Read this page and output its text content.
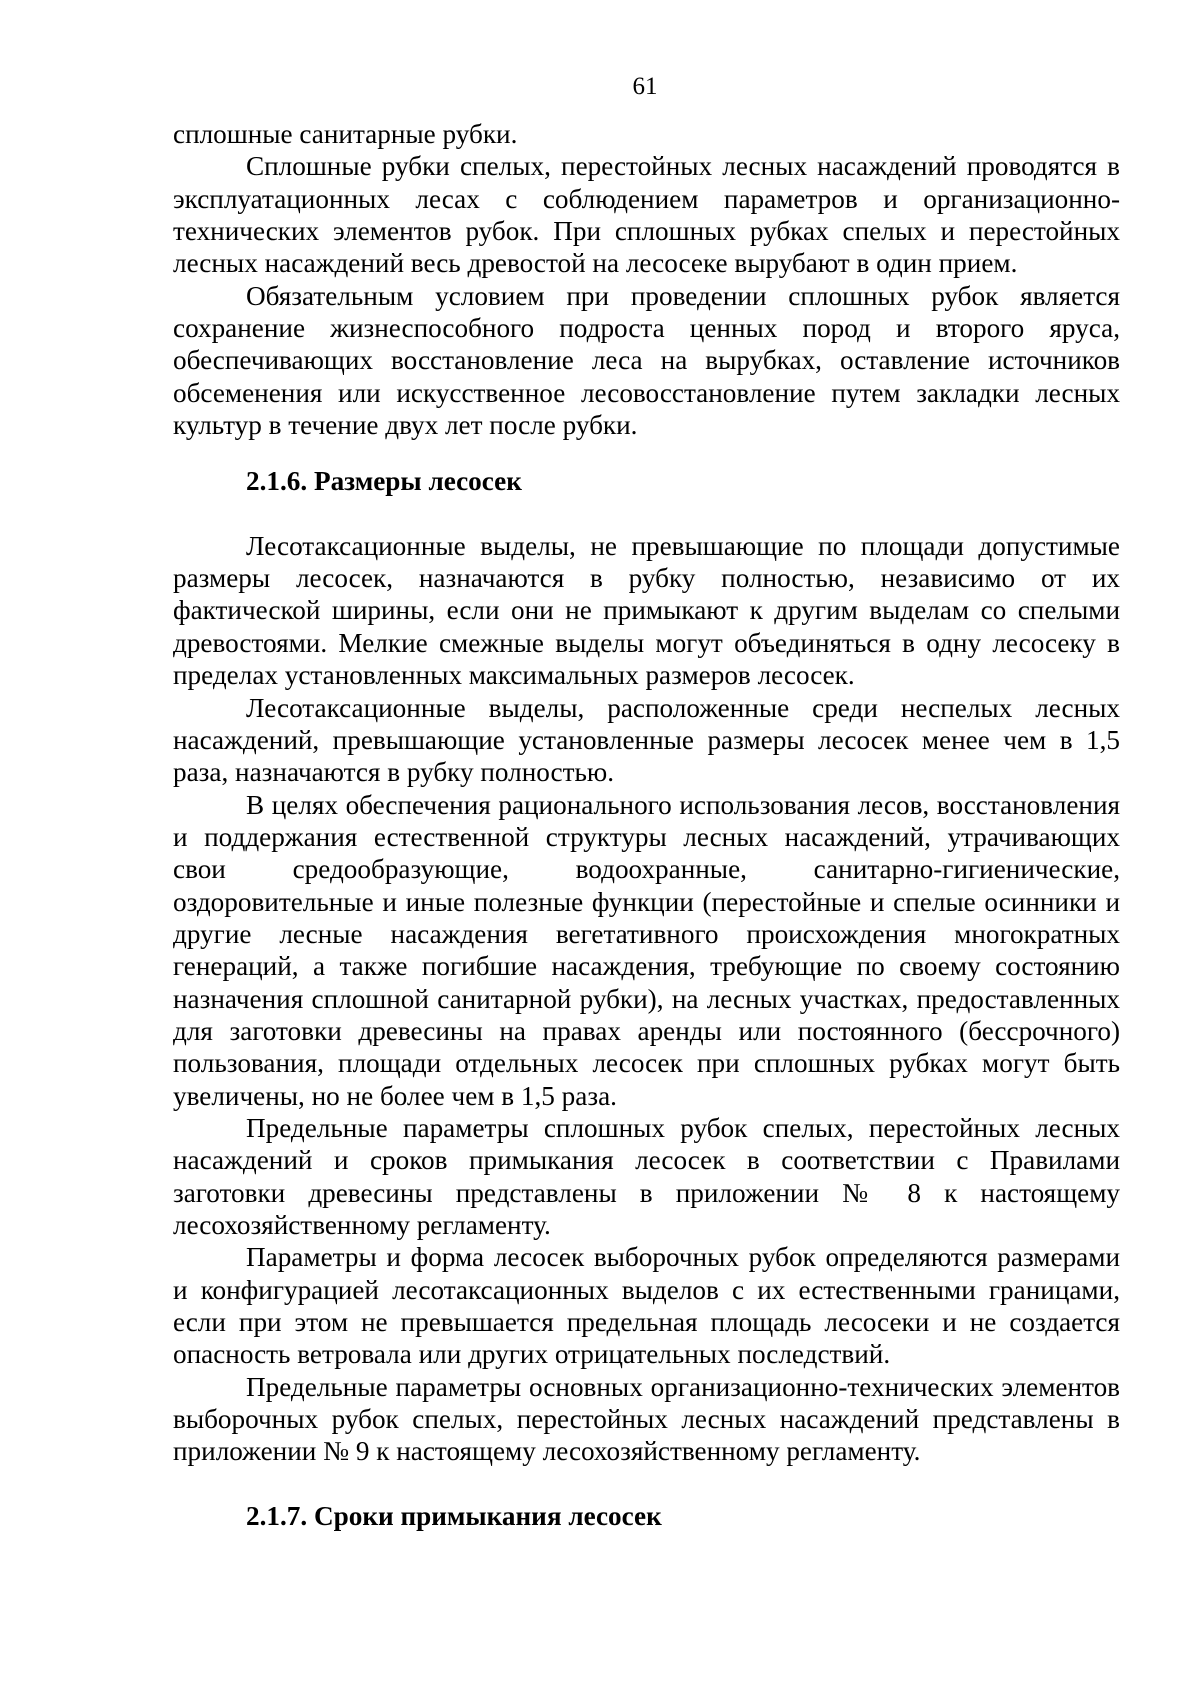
61

сплошные санитарные рубки.

Сплошные рубки спелых, перестойных лесных насаждений проводятся в эксплуатационных лесах с соблюдением параметров и организационно-технических элементов рубок. При сплошных рубках спелых и перестойных лесных насаждений весь древостой на лесосеке вырубают в один прием.

Обязательным условием при проведении сплошных рубок является сохранение жизнеспособного подроста ценных пород и второго яруса, обеспечивающих восстановление леса на вырубках, оставление источников обсеменения или искусственное лесовосстановление путем закладки лесных культур в течение двух лет после рубки.

2.1.6. Размеры лесосек

Лесотаксационные выделы, не превышающие по площади допустимые размеры лесосек, назначаются в рубку полностью, независимо от их фактической ширины, если они не примыкают к другим выделам со спелыми древостоями. Мелкие смежные выделы могут объединяться в одну лесосеку в пределах установленных максимальных размеров лесосек.

Лесотаксационные выделы, расположенные среди неспелых лесных насаждений, превышающие установленные размеры лесосек менее чем в 1,5 раза, назначаются в рубку полностью.

В целях обеспечения рационального использования лесов, восстановления и поддержания естественной структуры лесных насаждений, утрачивающих свои средообразующие, водоохранные, санитарно-гигиенические, оздоровительные и иные полезные функции (перестойные и спелые осинники и другие лесные насаждения вегетативного происхождения многократных генераций, а также погибшие насаждения, требующие по своему состоянию назначения сплошной санитарной рубки), на лесных участках, предоставленных для заготовки древесины на правах аренды или постоянного (бессрочного) пользования, площади отдельных лесосек при сплошных рубках могут быть увеличены, но не более чем в 1,5 раза.

Предельные параметры сплошных рубок спелых, перестойных лесных насаждений и сроков примыкания лесосек в соответствии с Правилами заготовки древесины представлены в приложении № 8 к настоящему лесохозяйственному регламенту.

Параметры и форма лесосек выборочных рубок определяются размерами и конфигурацией лесотаксационных выделов с их естественными границами, если при этом не превышается предельная площадь лесосеки и не создается опасность ветровала или других отрицательных последствий.

Предельные параметры основных организационно-технических элементов выборочных рубок спелых, перестойных лесных насаждений представлены в приложении № 9 к настоящему лесохозяйственному регламенту.

2.1.7. Сроки примыкания лесосек
